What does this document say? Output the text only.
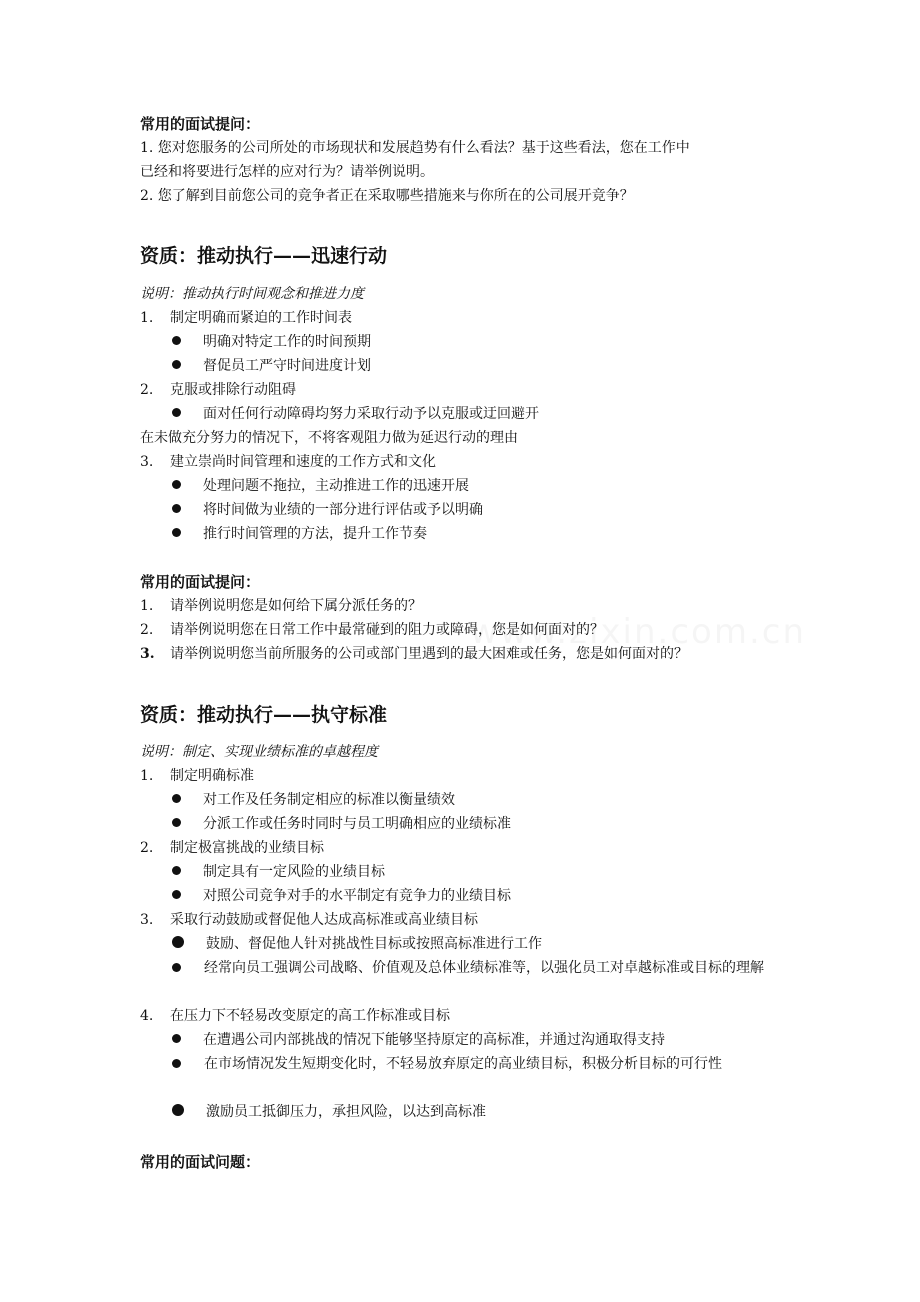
常用的面试提问：
1. 您对您服务的公司所处的市场现状和发展趋势有什么看法？基于这些看法，您在工作中
已经和将要进行怎样的应对行为？请举例说明。
2. 您了解到目前您公司的竞争者正在采取哪些措施来与你所在的公司展开竞争？
资质：推动执行——迅速行动
说明：推动执行时间观念和推进力度
1. 制定明确而紧迫的工作时间表
明确对特定工作的时间预期
督促员工严守时间进度计划
2. 克服或排除行动阻碍
面对任何行动障碍均努力采取行动予以克服或迂回避开
在未做充分努力的情况下，不将客观阻力做为延迟行动的理由
3. 建立崇尚时间管理和速度的工作方式和文化
处理问题不拖拉，主动推进工作的迅速开展
将时间做为业绩的一部分进行评估或予以明确
推行时间管理的方法，提升工作节奏
常用的面试提问：
1. 请举例说明您是如何给下属分派任务的？
2. 请举例说明您在日常工作中最常碰到的阻力或障碍，您是如何面对的？
3. 请举例说明您当前所服务的公司或部门里遇到的最大困难或任务，您是如何面对的？
资质：推动执行——执守标准
说明：制定、实现业绩标准的卓越程度
1. 制定明确标准
对工作及任务制定相应的标准以衡量绩效
分派工作或任务时同时与员工明确相应的业绩标准
2. 制定极富挑战的业绩目标
制定具有一定风险的业绩目标
对照公司竞争对手的水平制定有竞争力的业绩目标
3. 采取行动鼓励或督促他人达成高标准或高业绩目标
鼓励、督促他人针对挑战性目标或按照高标准进行工作
经常向员工强调公司战略、价值观及总体业绩标准等，以强化员工对卓越标准或目标的理解
4. 在压力下不轻易改变原定的高工作标准或目标
在遭遇公司内部挑战的情况下能够坚持原定的高标准，并通过沟通取得支持
在市场情况发生短期变化时，不轻易放弃原定的高业绩目标，积极分析目标的可行性
激励员工抵御压力，承担风险，以达到高标准
常用的面试问题：
